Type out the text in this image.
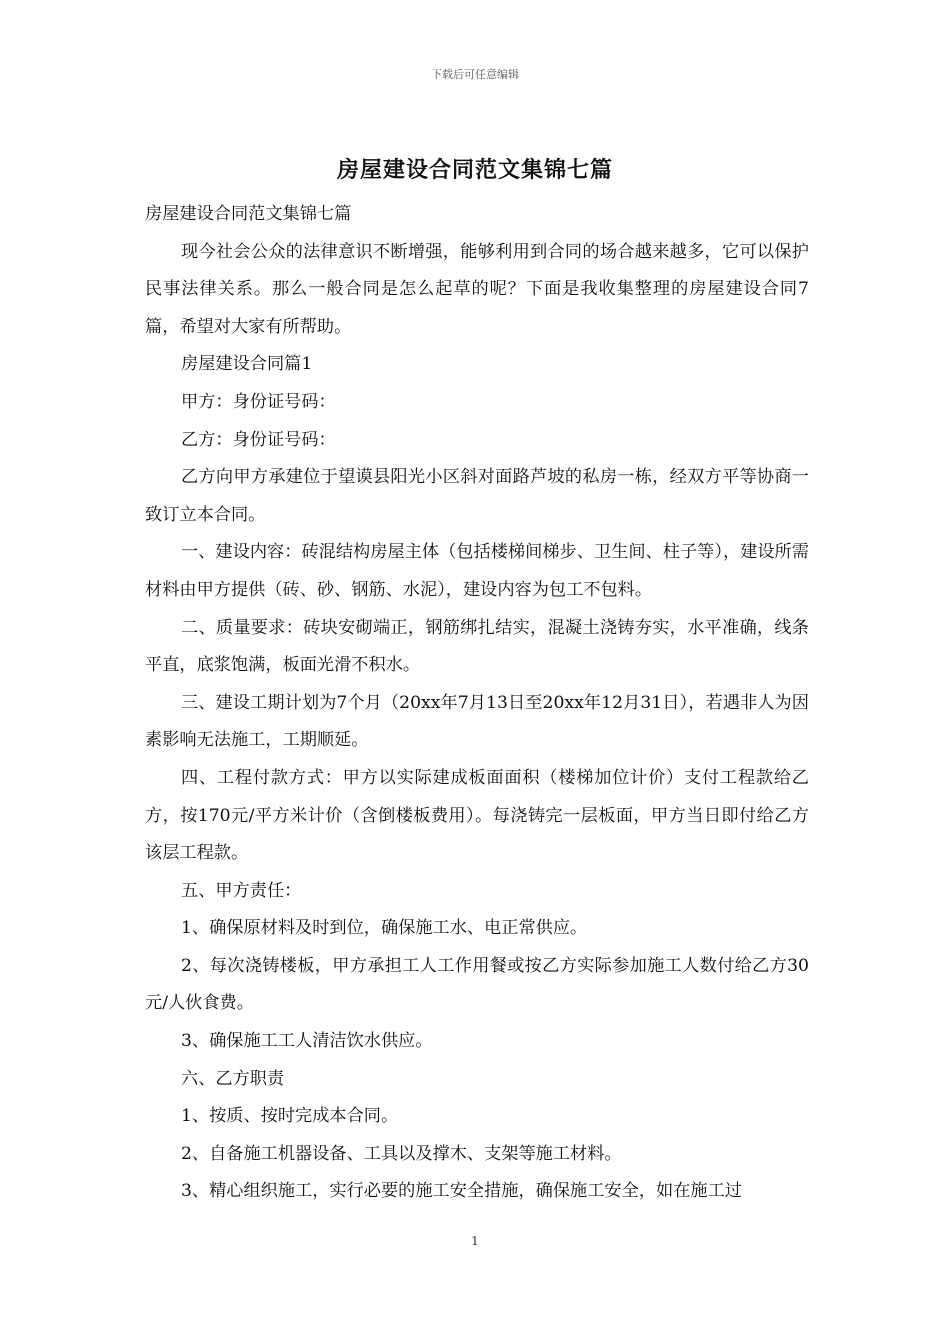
下载后可任意编辑
房屋建设合同范文集锦七篇

房屋建设合同范文集锦七篇

现今社会公众的法律意识不断增强，能够利用到合同的场合越来越多，它可以保护民事法律关系。那么一般合同是怎么起草的呢？下面是我收集整理的房屋建设合同7篇，希望对大家有所帮助。

房屋建设合同篇1

甲方：身份证号码：

乙方：身份证号码：

乙方向甲方承建位于望谟县阳光小区斜对面路芦坡的私房一栋，经双方平等协商一致订立本合同。

一、建设内容：砖混结构房屋主体（包括楼梯间梯步、卫生间、柱子等），建设所需材料由甲方提供（砖、砂、钢筋、水泥），建设内容为包工不包料。

二、质量要求：砖块安砌端正，钢筋绑扎结实，混凝土浇铸夯实，水平准确，线条平直，底浆饱满，板面光滑不积水。

三、建设工期计划为7个月（20xx年7月13日至20xx年12月31日），若遇非人为因素影响无法施工，工期顺延。

四、工程付款方式：甲方以实际建成板面面积（楼梯加位计价）支付工程款给乙方，按170元/平方米计价（含倒楼板费用）。每浇铸完一层板面，甲方当日即付给乙方该层工程款。

五、甲方责任：

1、确保原材料及时到位，确保施工水、电正常供应。

2、每次浇铸楼板，甲方承担工人工作用餐或按乙方实际参加施工人数付给乙方30元/人伙食费。

3、确保施工工人清洁饮水供应。

六、乙方职责

1、按质、按时完成本合同。

2、自备施工机器设备、工具以及撑木、支架等施工材料。

3、精心组织施工，实行必要的施工安全措施，确保施工安全，如在施工过

1
